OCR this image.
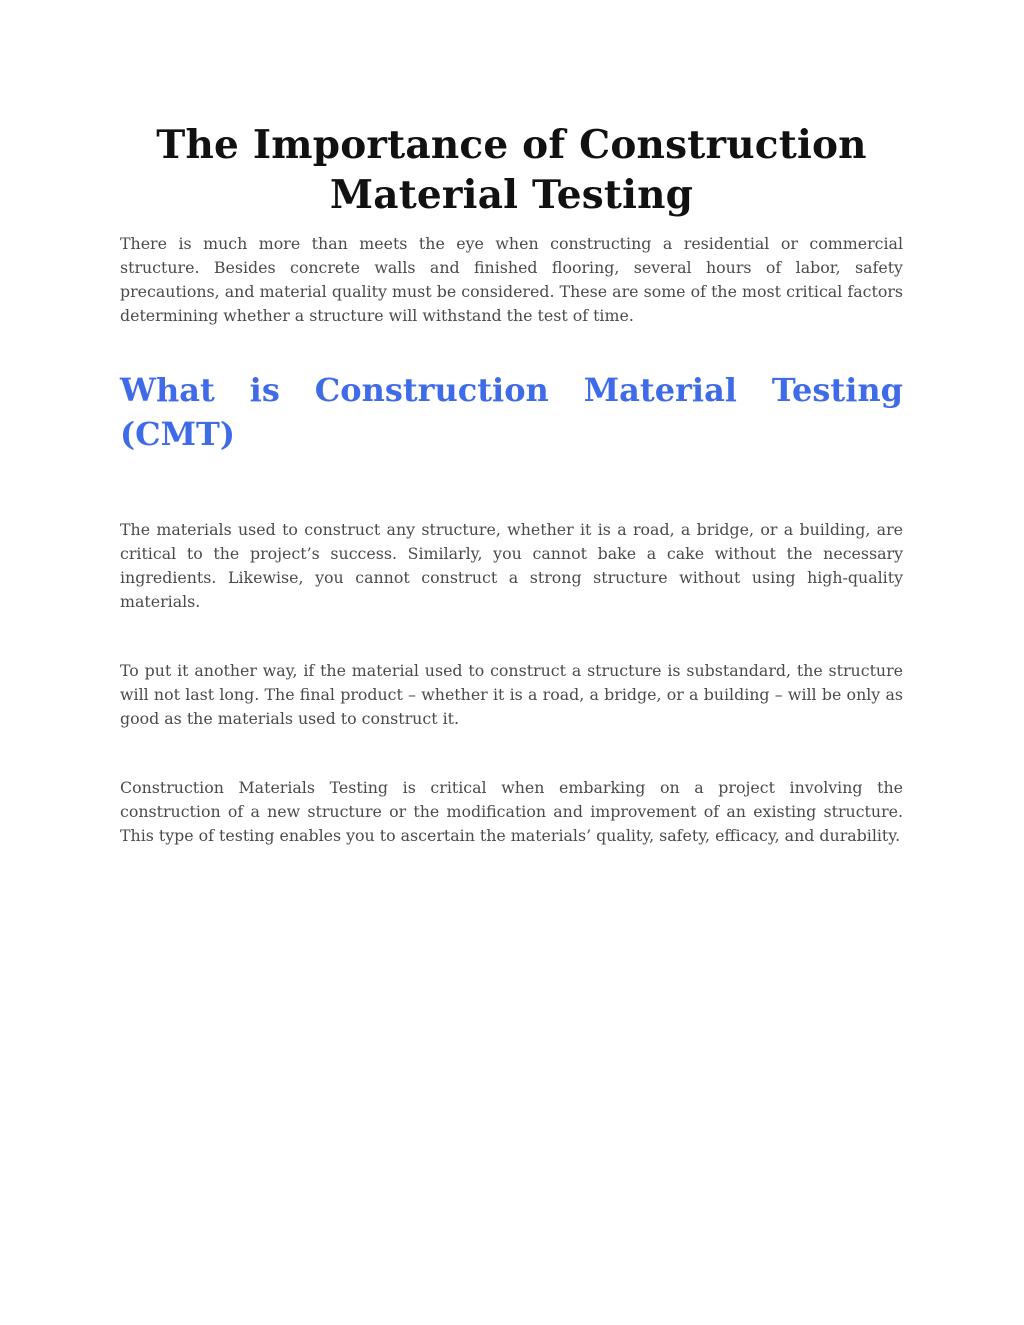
The Importance of Construction Material Testing

There is much more than meets the eye when constructing a residential or commercial structure. Besides concrete walls and finished flooring, several hours of labor, safety precautions, and material quality must be considered. These are some of the most critical factors determining whether a structure will withstand the test of time.

What is Construction Material Testing (CMT)

The materials used to construct any structure, whether it is a road, a bridge, or a building, are critical to the project’s success. Similarly, you cannot bake a cake without the necessary ingredients. Likewise, you cannot construct a strong structure without using high-quality materials.

To put it another way, if the material used to construct a structure is substandard, the structure will not last long. The final product – whether it is a road, a bridge, or a building – will be only as good as the materials used to construct it.

Construction Materials Testing is critical when embarking on a project involving the construction of a new structure or the modification and improvement of an existing structure. This type of testing enables you to ascertain the materials’ quality, safety, efficacy, and durability.
